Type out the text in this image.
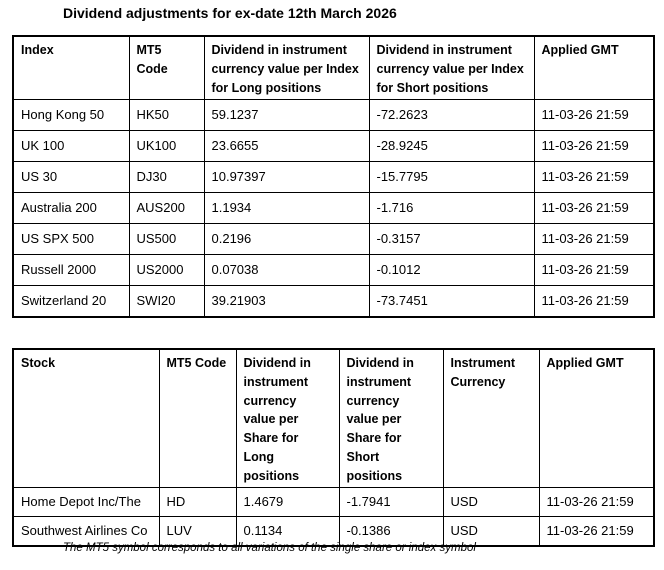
Dividend adjustments for ex-date 12th March 2026
Index	MT5 Code	Dividend in instrument currency value per Index for Long positions	Dividend in instrument currency value per Index for Short positions	Applied GMT
Hong Kong 50	HK50	59.1237	-72.2623	11-03-26 21:59
UK 100	UK100	23.6655	-28.9245	11-03-26 21:59
US 30	DJ30	10.97397	-15.7795	11-03-26 21:59
Australia 200	AUS200	1.1934	-1.716	11-03-26 21:59
US SPX 500	US500	0.2196	-0.3157	11-03-26 21:59
Russell 2000	US2000	0.07038	-0.1012	11-03-26 21:59
Switzerland 20	SWI20	39.21903	-73.7451	11-03-26 21:59
Stock	MT5 Code	Dividend in instrument currency value per Share for Long positions	Dividend in instrument currency value per Share for Short positions	Instrument Currency	Applied GMT
Home Depot Inc/The	HD	1.4679	-1.7941	USD	11-03-26 21:59
Southwest Airlines Co	LUV	0.1134	-0.1386	USD	11-03-26 21:59
The MT5 symbol corresponds to all variations of the single share or index symbol
